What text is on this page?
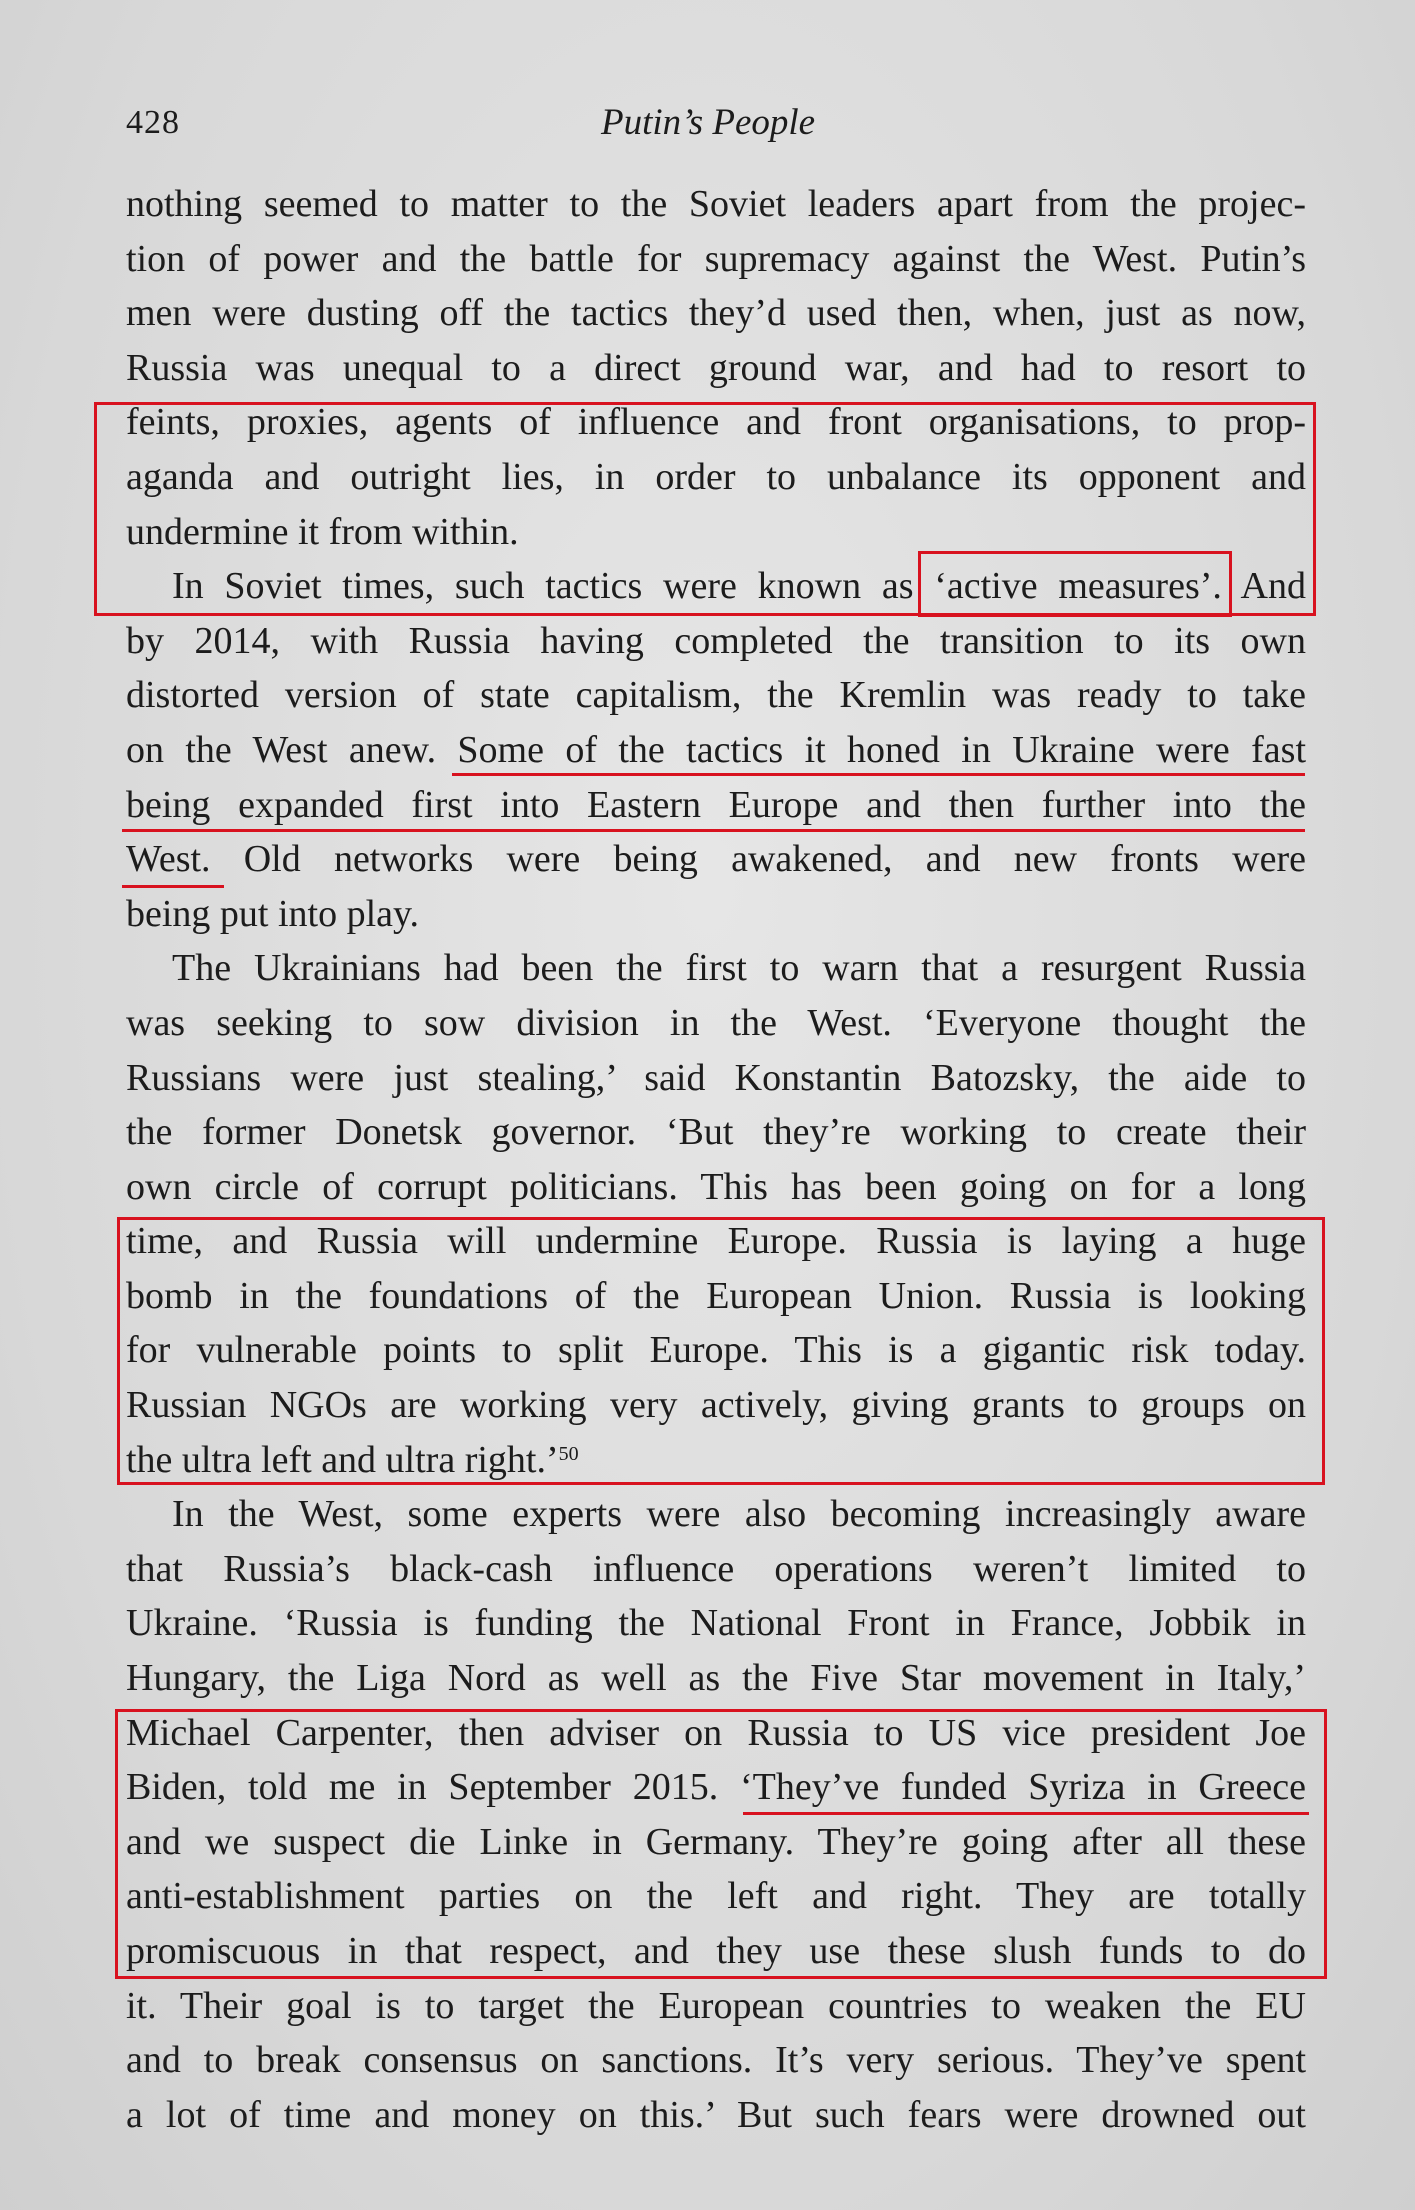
428	Putin’s People
nothing seemed to matter to the Soviet leaders apart from the projec-
tion of power and the battle for supremacy against the West. Putin’s
men were dusting off the tactics they’d used then, when, just as now,
Russia was unequal to a direct ground war, and had to resort to
feints, proxies, agents of influence and front organisations, to prop-
aganda and outright lies, in order to unbalance its opponent and
undermine it from within.
In Soviet times, such tactics were known as ‘active measures’. And
by 2014, with Russia having completed the transition to its own
distorted version of state capitalism, the Kremlin was ready to take
on the West anew. Some of the tactics it honed in Ukraine were fast
being expanded first into Eastern Europe and then further into the
West. Old networks were being awakened, and new fronts were
being put into play.
The Ukrainians had been the first to warn that a resurgent Russia
was seeking to sow division in the West. ‘Everyone thought the
Russians were just stealing,’ said Konstantin Batozsky, the aide to
the former Donetsk governor. ‘But they’re working to create their
own circle of corrupt politicians. This has been going on for a long
time, and Russia will undermine Europe. Russia is laying a huge
bomb in the foundations of the European Union. Russia is looking
for vulnerable points to split Europe. This is a gigantic risk today.
Russian NGOs are working very actively, giving grants to groups on
the ultra left and ultra right.’$^{50}$
In the West, some experts were also becoming increasingly aware
that Russia’s black-cash influence operations weren’t limited to
Ukraine. ‘Russia is funding the National Front in France, Jobbik in
Hungary, the Liga Nord as well as the Five Star movement in Italy,’
Michael Carpenter, then adviser on Russia to US vice president Joe
Biden, told me in September 2015. ‘They’ve funded Syriza in Greece
and we suspect die Linke in Germany. They’re going after all these
anti-establishment parties on the left and right. They are totally
promiscuous in that respect, and they use these slush funds to do
it. Their goal is to target the European countries to weaken the EU
and to break consensus on sanctions. It’s very serious. They’ve spent
a lot of time and money on this.’ But such fears were drowned out
